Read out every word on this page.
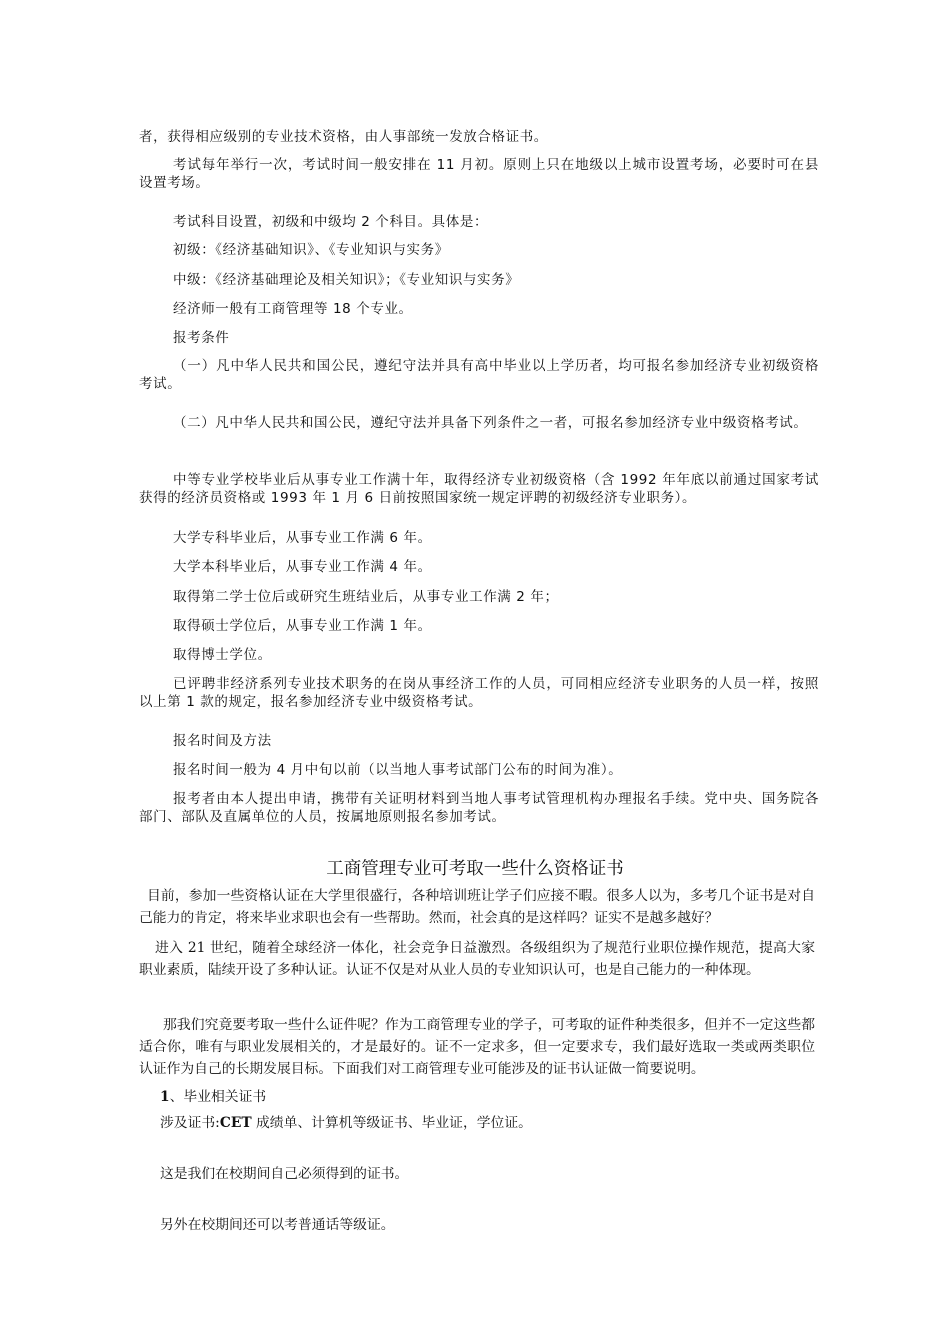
者，获得相应级别的专业技术资格，由人事部统一发放合格证书。
考试每年举行一次，考试时间一般安排在 11 月初。原则上只在地级以上城市设置考场，必要时可在县设置考场。
考试科目设置，初级和中级均 2 个科目。具体是：
初级：《经济基础知识》、《专业知识与实务》
中级：《经济基础理论及相关知识》；《专业知识与实务》
经济师一般有工商管理等 18 个专业。
报考条件
（一）凡中华人民共和国公民，遵纪守法并具有高中毕业以上学历者，均可报名参加经济专业初级资格考试。
（二）凡中华人民共和国公民，遵纪守法并具备下列条件之一者，可报名参加经济专业中级资格考试。
中等专业学校毕业后从事专业工作满十年，取得经济专业初级资格（含 1992 年年底以前通过国家考试获得的经济员资格或 1993 年 1 月 6 日前按照国家统一规定评聘的初级经济专业职务）。
大学专科毕业后，从事专业工作满 6 年。
大学本科毕业后，从事专业工作满 4 年。
取得第二学士位后或研究生班结业后，从事专业工作满 2 年；
取得硕士学位后，从事专业工作满 1 年。
取得博士学位。
已评聘非经济系列专业技术职务的在岗从事经济工作的人员，可同相应经济专业职务的人员一样，按照以上第 1 款的规定，报名参加经济专业中级资格考试。
报名时间及方法
报名时间一般为 4 月中旬以前（以当地人事考试部门公布的时间为准）。
报考者由本人提出申请，携带有关证明材料到当地人事考试管理机构办理报名手续。党中央、国务院各部门、部队及直属单位的人员，按属地原则报名参加考试。
工商管理专业可考取一些什么资格证书
目前，参加一些资格认证在大学里很盛行，各种培训班让学子们应接不暇。很多人以为，多考几个证书是对自己能力的肯定，将来毕业求职也会有一些帮助。然而，社会真的是这样吗？证实不是越多越好？
进入 21 世纪，随着全球经济一体化，社会竞争日益激烈。各级组织为了规范行业职位操作规范，提高大家职业素质，陆续开设了多种认证。认证不仅是对从业人员的专业知识认可，也是自己能力的一种体现。
那我们究竟要考取一些什么证件呢？作为工商管理专业的学子，可考取的证件种类很多，但并不一定这些都适合你，唯有与职业发展相关的，才是最好的。证不一定求多，但一定要求专，我们最好选取一类或两类职位认证作为自己的长期发展目标。下面我们对工商管理专业可能涉及的证书认证做一简要说明。
1、毕业相关证书
涉及证书:CET 成绩单、计算机等级证书、毕业证，学位证。
这是我们在校期间自己必须得到的证书。
另外在校期间还可以考普通话等级证。
